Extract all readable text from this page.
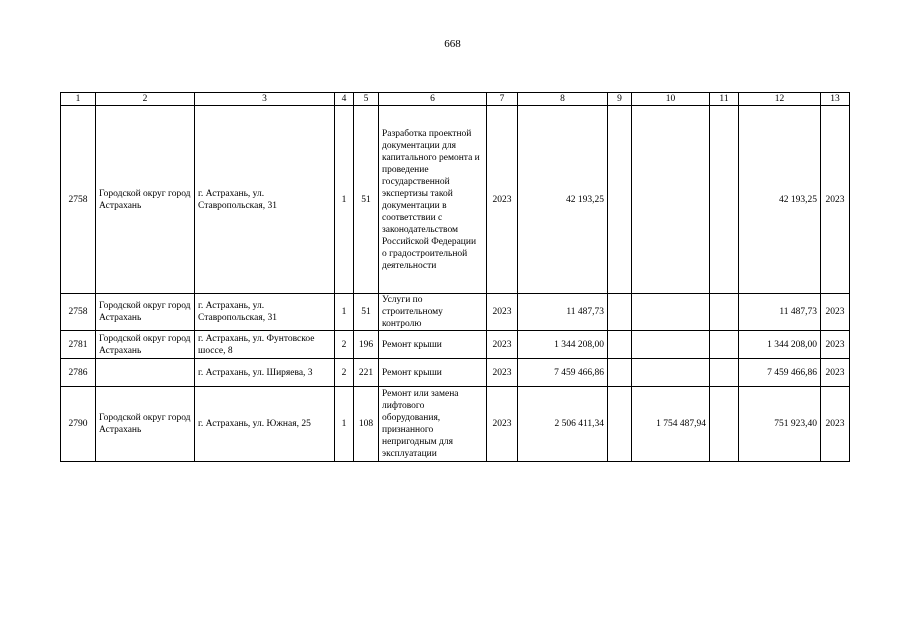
668
1	2	3	4	5	6	7	8	9	10	11	12	13
2758	Городской округ город Астрахань	г. Астрахань, ул. Ставропольская, 31	1	51	Разработка проектной документации для капитального ремонта и проведение государственной экспертизы такой документации в соответствии с законодательством Российской Федерации о градостроительной деятельности	2023	42 193,25				42 193,25	2023
2758	Городской округ город Астрахань	г. Астрахань, ул. Ставропольская, 31	1	51	Услуги по строительному контролю	2023	11 487,73				11 487,73	2023
2781	Городской округ город Астрахань	г. Астрахань, ул. Фунтовское шоссе, 8	2	196	Ремонт крыши	2023	1 344 208,00				1 344 208,00	2023
2786		г. Астрахань, ул. Ширяева, 3	2	221	Ремонт крыши	2023	7 459 466,86				7 459 466,86	2023
2790	Городской округ город Астрахань	г. Астрахань, ул. Южная, 25	1	108	Ремонт или замена лифтового оборудования, признанного непригодным для эксплуатации	2023	2 506 411,34		1 754 487,94		751 923,40	2023
